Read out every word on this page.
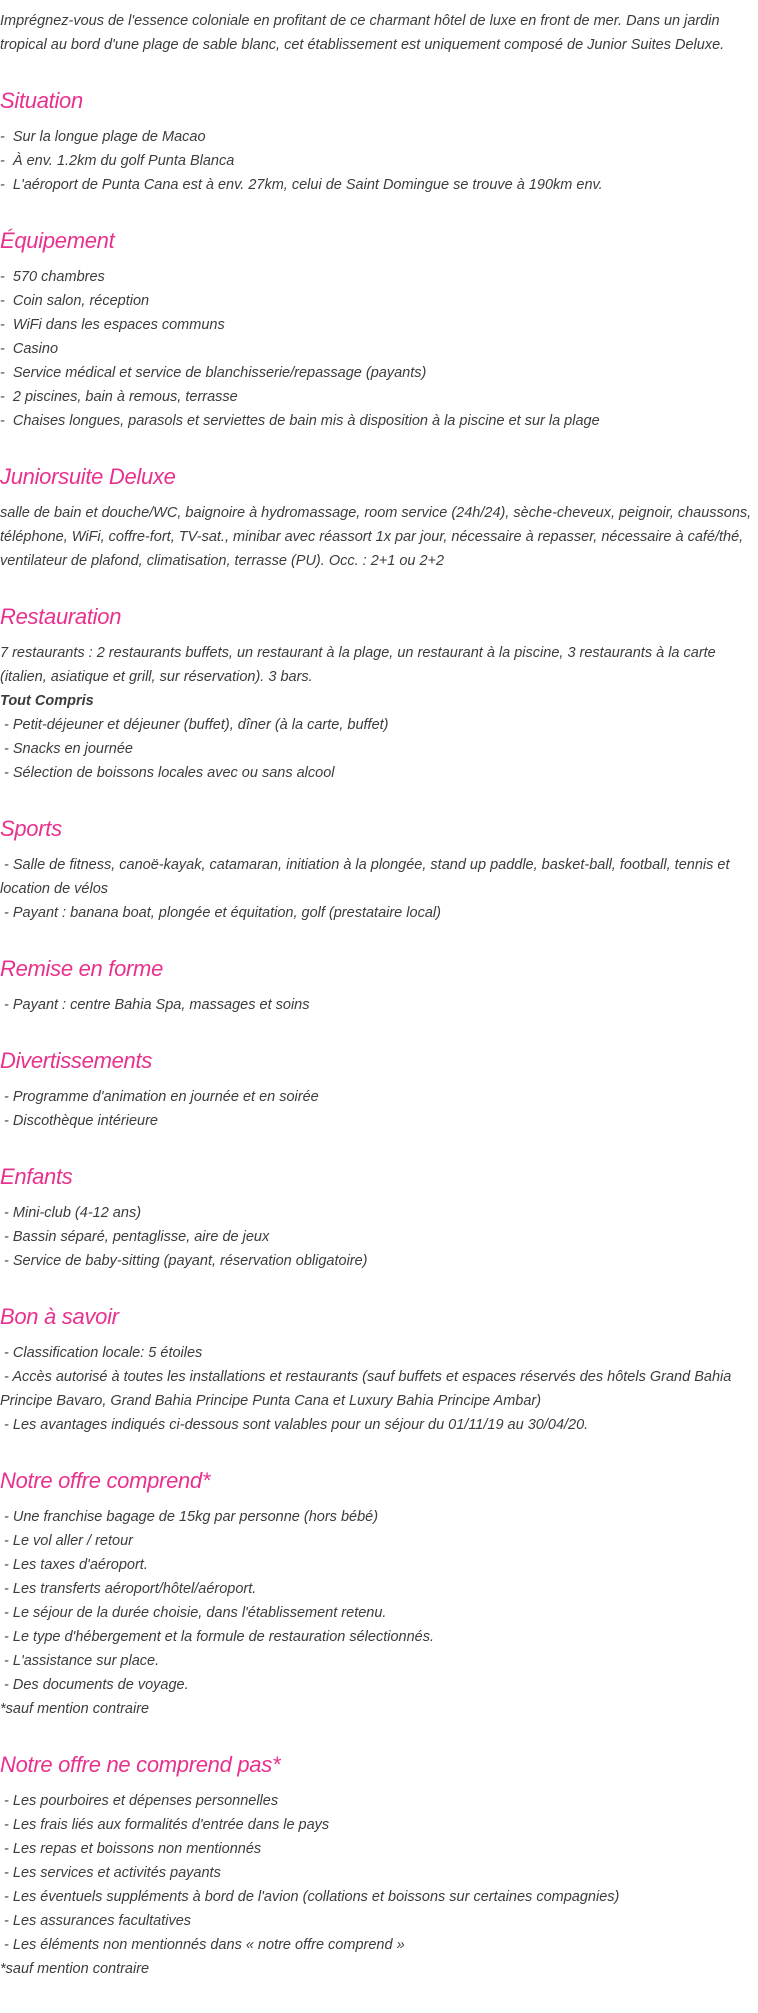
Imprégnez-vous de l'essence coloniale en profitant de ce charmant hôtel de luxe en front de mer. Dans un jardin tropical au bord d'une plage de sable blanc, cet établissement est uniquement composé de Junior Suites Deluxe.

Situation

-  Sur la longue plage de Macao

-  À env. 1.2km du golf Punta Blanca

-  L'aéroport de Punta Cana est à env. 27km, celui de Saint Domingue se trouve à 190km env.

Équipement

-  570 chambres

-  Coin salon, réception

-  WiFi dans les espaces communs

-  Casino

-  Service médical et service de blanchisserie/repassage (payants)

-  2 piscines, bain à remous, terrasse

-  Chaises longues, parasols et serviettes de bain mis à disposition à la piscine et sur la plage

Juniorsuite Deluxe

salle de bain et douche/WC, baignoire à hydromassage, room service (24h/24), sèche-cheveux, peignoir, chaussons, téléphone, WiFi, coffre-fort, TV-sat., minibar avec réassort 1x par jour, nécessaire à repasser, nécessaire à café/thé, ventilateur de plafond, climatisation, terrasse (PU). Occ. : 2+1 ou 2+2

Restauration

7 restaurants : 2 restaurants buffets, un restaurant à la plage, un restaurant à la piscine, 3 restaurants à la carte (italien, asiatique et grill, sur réservation). 3 bars.

Tout Compris

- Petit-déjeuner et déjeuner (buffet), dîner (à la carte, buffet)

- Snacks en journée

- Sélection de boissons locales avec ou sans alcool

Sports

- Salle de fitness, canoë-kayak, catamaran, initiation à la plongée, stand up paddle, basket-ball, football, tennis et location de vélos

- Payant : banana boat, plongée et équitation, golf (prestataire local)

Remise en forme

- Payant : centre Bahia Spa, massages et soins

Divertissements

- Programme d'animation en journée et en soirée

- Discothèque intérieure

Enfants

- Mini-club (4-12 ans)

- Bassin séparé, pentaglisse, aire de jeux

- Service de baby-sitting (payant, réservation obligatoire)

Bon à savoir

- Classification locale: 5 étoiles

- Accès autorisé à toutes les installations et restaurants (sauf buffets et espaces réservés des hôtels Grand Bahia Principe Bavaro, Grand Bahia Principe Punta Cana et Luxury Bahia Principe Ambar)

- Les avantages indiqués ci-dessous sont valables pour un séjour du 01/11/19 au 30/04/20.

Notre offre comprend*

- Une franchise bagage de 15kg par personne (hors bébé)

- Le vol aller / retour

- Les taxes d'aéroport.

- Les transferts aéroport/hôtel/aéroport.

- Le séjour de la durée choisie, dans l'établissement retenu.

- Le type d'hébergement et la formule de restauration sélectionnés.

- L'assistance sur place.

- Des documents de voyage.

*sauf mention contraire

Notre offre ne comprend pas*

- Les pourboires et dépenses personnelles

- Les frais liés aux formalités d'entrée dans le pays

- Les repas et boissons non mentionnés

- Les services et activités payants

- Les éventuels suppléments à bord de l'avion (collations et boissons sur certaines compagnies)

- Les assurances facultatives

- Les éléments non mentionnés dans « notre offre comprend »

*sauf mention contraire
